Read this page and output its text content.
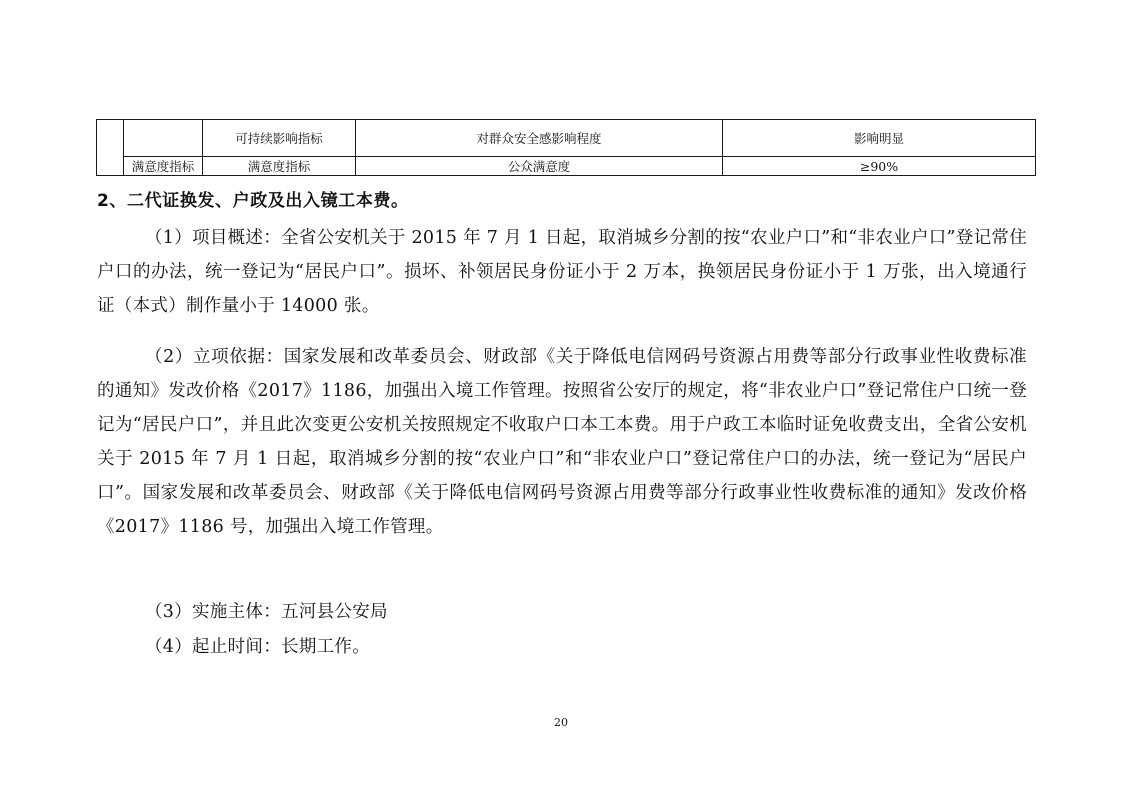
		可持续影响指标	对群众安全感影响程度	影响明显
	满意度指标	满意度指标	公众满意度	≥90%

2、二代证换发、户政及出入镜工本费。

（1）项目概述：全省公安机关于 2015 年 7 月 1 日起，取消城乡分割的按“农业户口”和“非农业户口”登记常住户口的办法，统一登记为“居民户口”。损坏、补领居民身份证小于 2 万本，换领居民身份证小于 1 万张，出入境通行证（本式）制作量小于 14000 张。

（2）立项依据：国家发展和改革委员会、财政部《关于降低电信网码号资源占用费等部分行政事业性收费标准的通知》发改价格《2017》1186，加强出入境工作管理。按照省公安厅的规定，将“非农业户口”登记常住户口统一登记为“居民户口”，并且此次变更公安机关按照规定不收取户口本工本费。用于户政工本临时证免收费支出，全省公安机关于 2015 年 7 月 1 日起，取消城乡分割的按“农业户口”和“非农业户口”登记常住户口的办法，统一登记为“居民户口”。国家发展和改革委员会、财政部《关于降低电信网码号资源占用费等部分行政事业性收费标准的通知》发改价格《2017》1186 号，加强出入境工作管理。

（3）实施主体：五河县公安局

（4）起止时间：长期工作。

20
